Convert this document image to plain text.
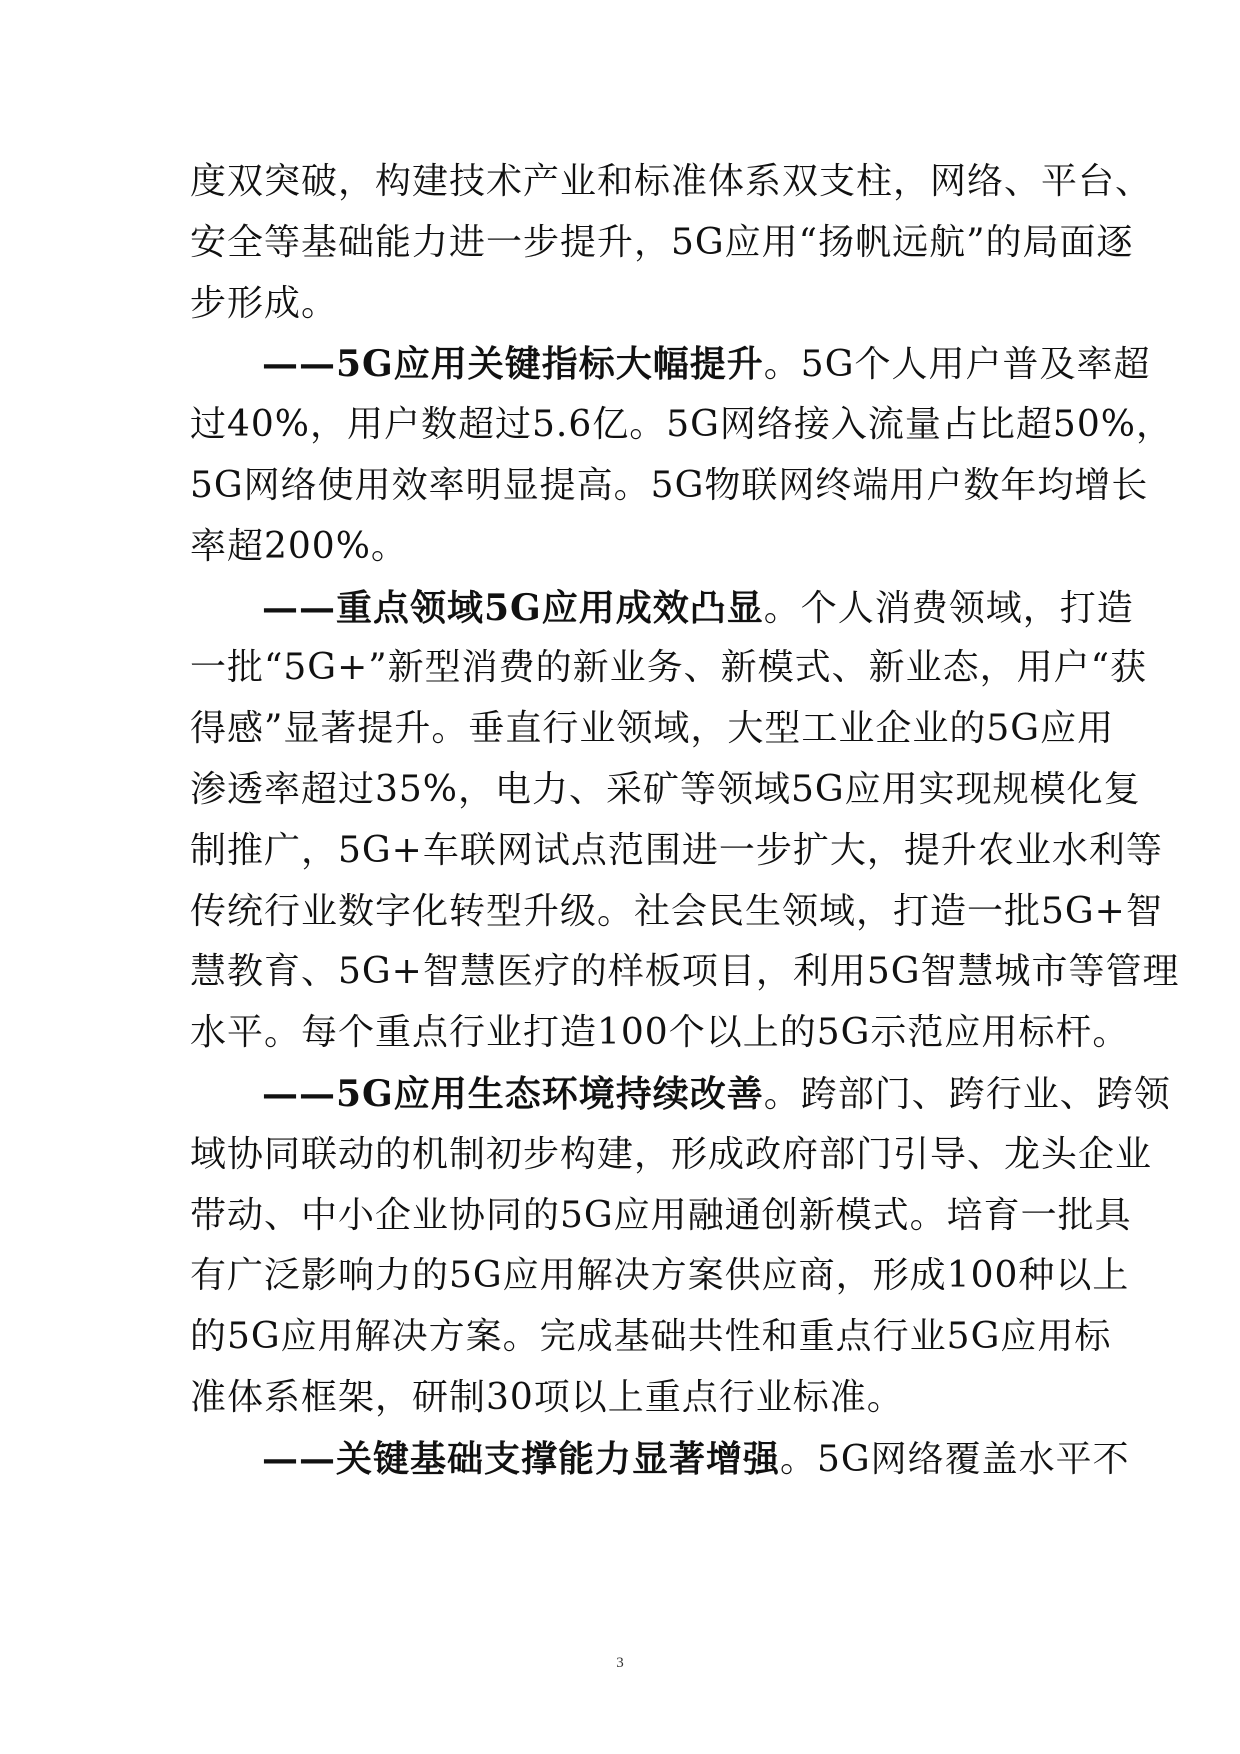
度双突破，构建技术产业和标准体系双支柱，网络、平台、
安全等基础能力进一步提升，5G应用“扬帆远航”的局面逐
步形成。
——5G应用关键指标大幅提升。5G个人用户普及率超
过40%，用户数超过5.6亿。5G网络接入流量占比超50%，
5G网络使用效率明显提高。5G物联网终端用户数年均增长
率超200%。
——重点领域5G应用成效凸显。个人消费领域，打造
一批“5G+”新型消费的新业务、新模式、新业态，用户“获
得感”显著提升。垂直行业领域，大型工业企业的5G应用
渗透率超过35%，电力、采矿等领域5G应用实现规模化复
制推广，5G+车联网试点范围进一步扩大，提升农业水利等
传统行业数字化转型升级。社会民生领域，打造一批5G+智
慧教育、5G+智慧医疗的样板项目，利用5G智慧城市等管理
水平。每个重点行业打造100个以上的5G示范应用标杆。
——5G应用生态环境持续改善。跨部门、跨行业、跨领
域协同联动的机制初步构建，形成政府部门引导、龙头企业
带动、中小企业协同的5G应用融通创新模式。培育一批具
有广泛影响力的5G应用解决方案供应商，形成100种以上
的5G应用解决方案。完成基础共性和重点行业5G应用标
准体系框架，研制30项以上重点行业标准。
——关键基础支撑能力显著增强。5G网络覆盖水平不
3
